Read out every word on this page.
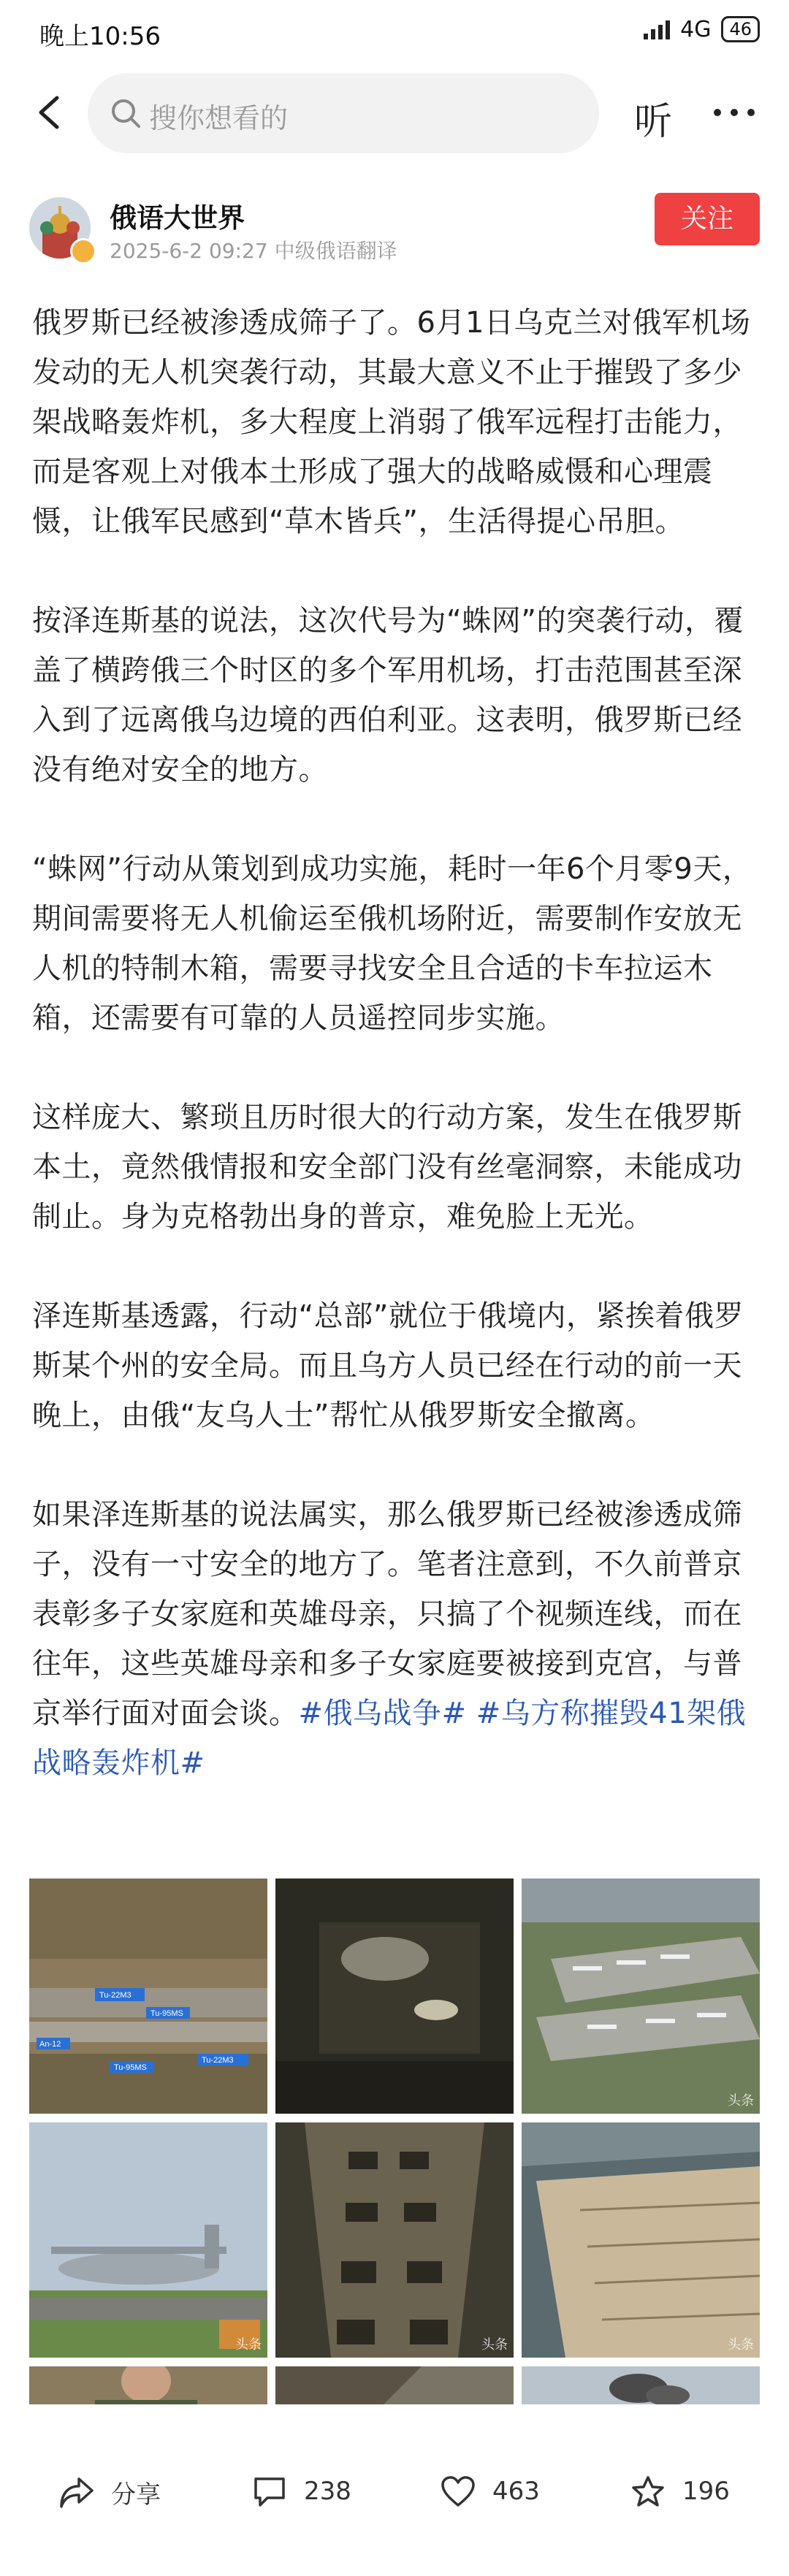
晚上10:56	4G	46
搜你想看的	听
俄语大世界
2025-6-2 09:27 中级俄语翻译
关注

俄罗斯已经被渗透成筛子了。6月1日乌克兰对俄军机场发动的无人机突袭行动，其最大意义不止于摧毁了多少架战略轰炸机，多大程度上消弱了俄军远程打击能力，而是客观上对俄本土形成了强大的战略威慑和心理震慑，让俄军民感到“草木皆兵”，生活得提心吊胆。

按泽连斯基的说法，这次代号为“蛛网”的突袭行动，覆盖了横跨俄三个时区的多个军用机场，打击范围甚至深入到了远离俄乌边境的西伯利亚。这表明，俄罗斯已经没有绝对安全的地方。

“蛛网”行动从策划到成功实施，耗时一年6个月零9天，期间需要将无人机偷运至俄机场附近，需要制作安放无人机的特制木箱，需要寻找安全且合适的卡车拉运木箱，还需要有可靠的人员遥控同步实施。

这样庞大、繁琐且历时很大的行动方案，发生在俄罗斯本土，竟然俄情报和安全部门没有丝毫洞察，未能成功制止。身为克格勃出身的普京，难免脸上无光。

泽连斯基透露，行动“总部”就位于俄境内，紧挨着俄罗斯某个州的安全局。而且乌方人员已经在行动的前一天晚上，由俄“友乌人士”帮忙从俄罗斯安全撤离。

如果泽连斯基的说法属实，那么俄罗斯已经被渗透成筛子，没有一寸安全的地方了。笔者注意到，不久前普京表彰多子女家庭和英雄母亲，只搞了个视频连线，而在往年，这些英雄母亲和多子女家庭要被接到克宫，与普京举行面对面会谈。#俄乌战争# #乌方称摧毁41架俄战略轰炸机#

Tu-22M3
Tu-95MS
An-12
Tu-95MS
Tu-22M3
头条
头条	头条	头条
分享	238	463	196
